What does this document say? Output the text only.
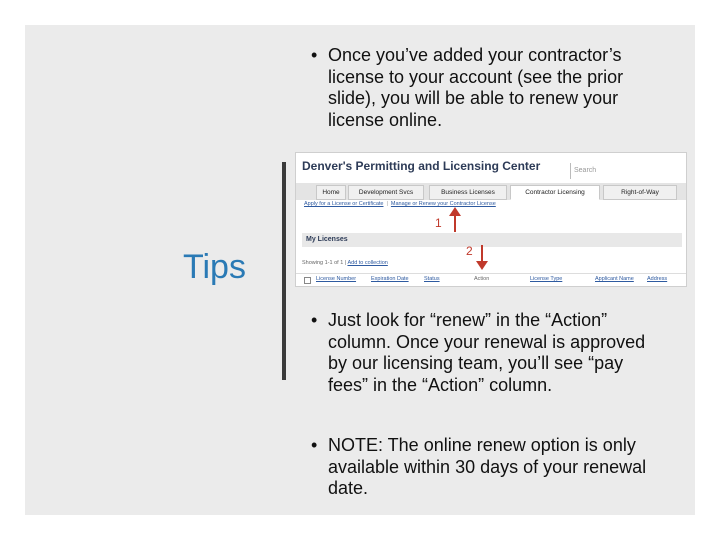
• Once you’ve added your contractor’s license to your account (see the prior slide), you will be able to renew your license online.
Denver's Permitting and Licensing Center	Search
Home	Development Svcs	Business Licenses	Contractor Licensing	Right-of-Way
Apply for a License or Certificate | Manage or Renew your Contractor License
My Licenses
Showing 1-1 of 1 | Add to collection
License Number	Expiration Date	Status	Action	License Type	Applicant Name Address
1
2
Tips
• Just look for “renew” in the “Action” column. Once your renewal is approved by our licensing team, you’ll see “pay fees” in the “Action” column.
• NOTE: The online renew option is only available within 30 days of your renewal date.
